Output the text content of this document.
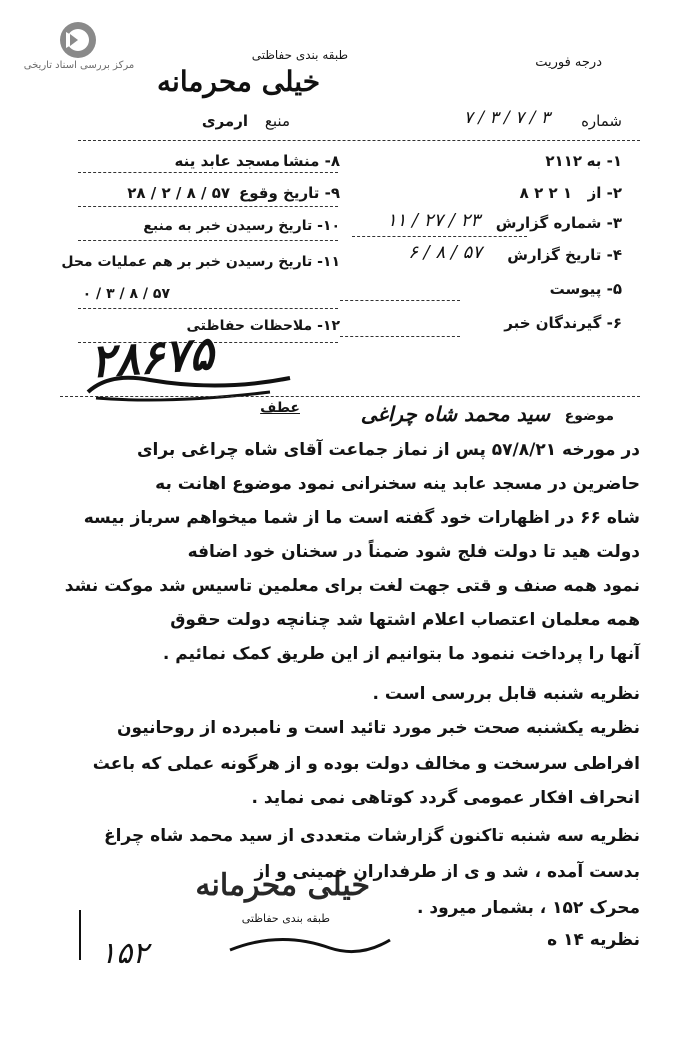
مرکز بررسی اسناد تاریخی	درجه فوریت
طبقه بندی حفاظتی
خیلی محرمانه
شماره
۳ / ۷ / ۳ / ۷
منبع
ارمری
۱- به
۲۱۱۲
۲- از
۱ ۲ ۲ ۸
۳- شماره گزارش
۲۳ / ۲۷ / ۱۱
۴- تاریخ گزارش
۵۷ / ۸ / ۶
۵- پیوست
۶- گیرندگان خبر
۸- منشا
مسجد عابد ینه
۹- تاریخ وقوع
۵۷ / ۸ / ۲ / ۲۸
۱۰- تاریخ رسیدن خبر به منبع
۱۱- تاریخ رسیدن خبر بر هم عملیات محل
۵۷ / ۸ / ۳ / ۰
۱۲- ملاحظات حفاظتی
۲۸۶۷۵
موضوع
سید محمد شاه چراغی
عطف
در مورخه ۵۷/۸/۲۱ پس از نماز جماعت آقای شاه چراغی برای
حاضرین در مسجد عابد ینه سخنرانی نمود موضوع اهانت به
شاه ۶۶ در اظهارات خود گفته است ما از شما میخواهم سرباز بیسه
دولت هید تا دولت فلج شود ضمناً در سخنان خود اضافه
نمود همه صنف و قتی جهت لغت برای معلمین تاسیس شد موکت نشد
همه معلمان اعتصاب اعلام اشتها شد چنانچه دولت حقوق
آنها را پرداخت ننمود ما بتوانیم از این طریق کمک نمائیم .
نظریه شنبه قابل بررسی است .
نظریه یکشنبه صحت خبر مورد تائید است و نامبرده از روحانیون
افراطی سرسخت و مخالف دولت بوده و از هرگونه عملی که باعث
انحراف افکار عمومی گردد کوتاهی نمی نماید .
نظریه سه شنبه تاکنون گزارشات متعددی از سید محمد شاه چراغ
بدست آمده ، شد و ی از طرفداران خمینی و از
محرک ۱۵۲ ، بشمار میرود .
نظریه ۱۴ ه
خیلی محرمانه
طبقه بندی حفاظتی
۱۵۲
